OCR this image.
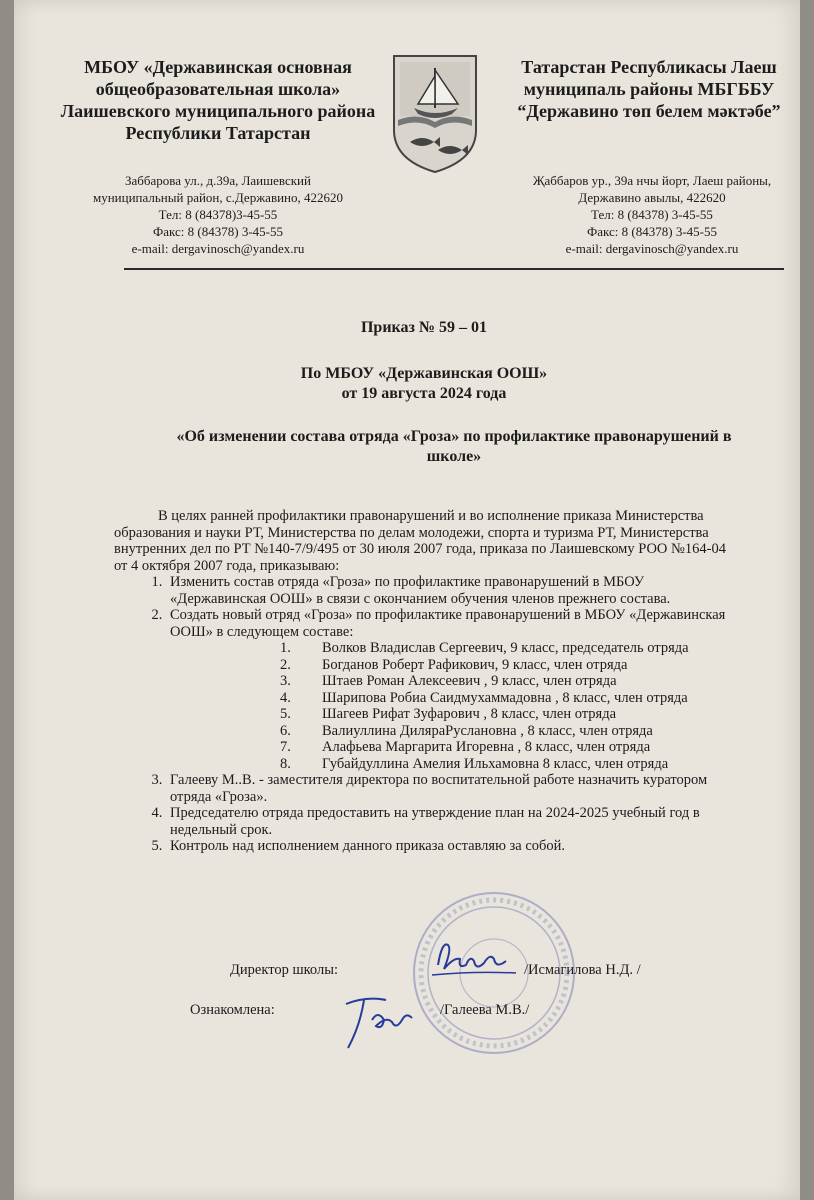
МБОУ «Державинская основная общеобразовательная школа» Лаишевского муниципального района Республики Татарстан
Татарстан Республикасы Лаеш муниципаль районы МБГББУ “Державино төп белем мәктәбе”
Заббарова ул., д.39а, Лаишевский
муниципальный район, с.Державино, 422620
Тел: 8 (84378)3-45-55
Факс: 8 (84378) 3-45-55
e-mail: dergavinosch@yandex.ru
Җаббаров ур., 39а нчы йорт, Лаеш районы,
Державино авылы, 422620
Тел: 8 (84378) 3-45-55
Факс: 8 (84378) 3-45-55
e-mail: dergavinosch@yandex.ru
Приказ № 59 – 01
По МБОУ «Державинская ООШ»
от 19 августа 2024 года
«Об изменении состава отряда «Гроза» по профилактике правонарушений в школе»

В целях ранней профилактики правонарушений и во исполнение приказа Министерства образования и науки РТ, Министерства по делам молодежи, спорта и туризма РТ, Министерства внутренних дел по РТ №140-7/9/495 от 30 июля 2007 года, приказа по Лаишевскому РОО №164-04 от 4 октября 2007 года, приказываю:

1. Изменить состав отряда «Гроза» по профилактике правонарушений в МБОУ «Державинская ООШ» в связи с окончанием обучения членов прежнего состава.
2. Создать новый отряд «Гроза» по профилактике правонарушений в МБОУ «Державинская ООШ» в следующем составе:
1.	Волков Владислав Сергеевич, 9 класс, председатель отряда
2.	Богданов Роберт Рафикович, 9 класс, член отряда
3.	Штаев Роман Алексеевич , 9 класс, член отряда
4.	Шарипова Робиа Саидмухаммадовна , 8 класс, член отряда
5.	Шагеев Рифат Зуфарович , 8 класс, член отряда
6.	Валиуллина ДиляраРуслановна , 8 класс, член отряда
7.	Алафьева Маргарита Игоревна , 8 класс, член отряда
8.	Губайдуллина Амелия Ильхамовна 8 класс, член отряда
3. Галееву М..В. - заместителя директора по воспитательной работе назначить куратором отряда «Гроза».
4. Председателю отряда предоставить на утверждение план на 2024-2025 учебный год в недельный срок.
5. Контроль над исполнением данного приказа оставляю за собой.
Директор школы:	/Исмагилова Н.Д. /
Ознакомлена:	/Галеева М.В./
